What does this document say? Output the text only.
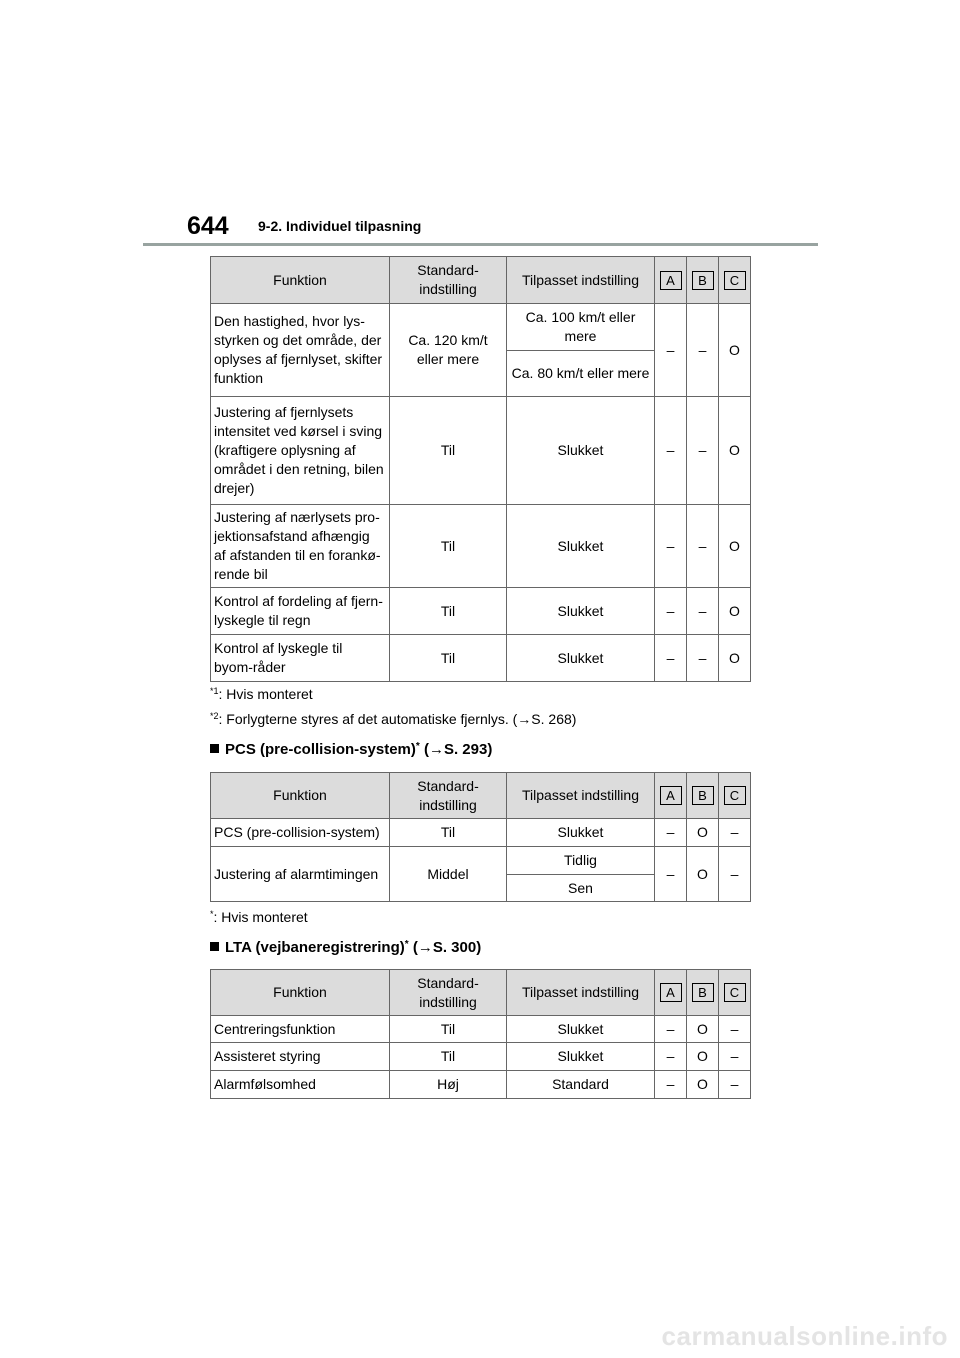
644 9-2. Individuel tilpasning
Funktion	Standard-indstilling	Tilpasset indstilling	A	B	C
Den hastighed, hvor lys-styrken og det område, der oplyses af fjernlyset, skifter funktion	Ca. 120 km/t eller mere	Ca. 100 km/t eller mere	–	–	O
		Ca. 80 km/t eller mere			
Justering af fjernlysets intensitet ved kørsel i sving (kraftigere oplysning af området i den retning, bilen drejer)	Til	Slukket	–	–	O
Justering af nærlysets pro-jektionsafstand afhængig af afstanden til en forankø-rende bil	Til	Slukket	–	–	O
Kontrol af fordeling af fjern-lyskegle til regn	Til	Slukket	–	–	O
Kontrol af lyskegle til byom-råder	Til	Slukket	–	–	O
$^{*1}$: Hvis monteret
$^{*2}$: Forlygterne styres af det automatiske fjernlys. (→S. 268)
PCS (pre-collision-system)* (→S. 293)
Funktion	Standard-indstilling	Tilpasset indstilling	A	B	C
PCS (pre-collision-system)	Til	Slukket	–	O	–
Justering af alarmtimingen	Middel	Tidlig	–	O	–
		Sen			
*: Hvis monteret
LTA (vejbaneregistrering)* (→S. 300)
Funktion	Standard-indstilling	Tilpasset indstilling	A	B	C
Centreringsfunktion	Til	Slukket	–	O	–
Assisteret styring	Til	Slukket	–	O	–
Alarmfølsomhed	Høj	Standard	–	O	–
carmanualsonline.info
